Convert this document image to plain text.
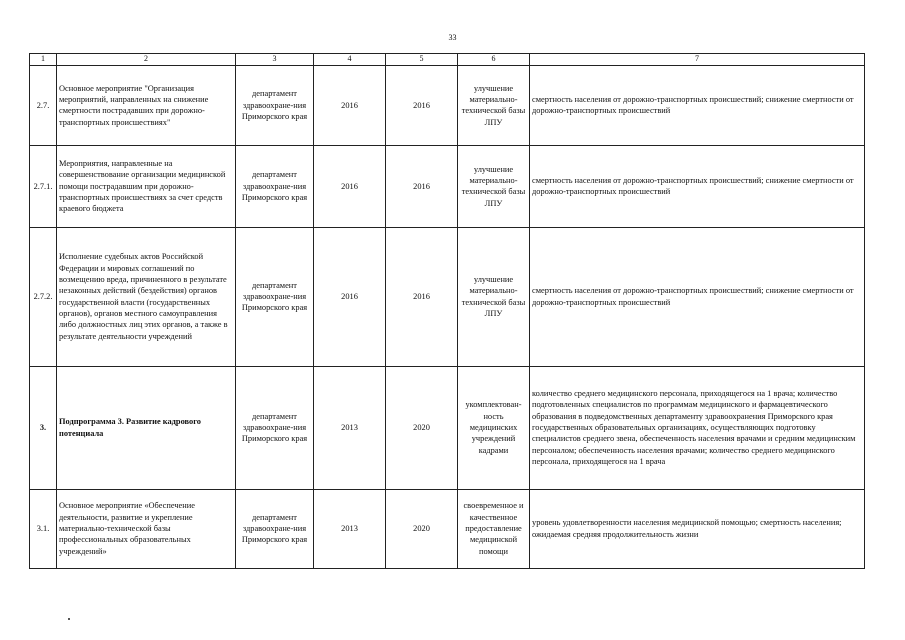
33
1	2	3	4	5	6	7
2.7.	Основное мероприятие "Организация мероприятий, направленных на снижение смертности пострадавших при дорожно-транспортных происшествиях"	департамент здравоохране-ния Приморского края	2016	2016	улучшение материально-технической базы ЛПУ	смертность населения от дорожно-транспортных происшествий; снижение смертности от дорожно-транспортных происшествий
2.7.1.	Мероприятия, направленные на совершенствование организации медицинской помощи пострадавшим при дорожно-транспортных происшествиях за счет средств краевого бюджета	департамент здравоохране-ния Приморского края	2016	2016	улучшение материально-технической базы ЛПУ	смертность населения от дорожно-транспортных происшествий; снижение смертности от дорожно-транспортных происшествий
2.7.2.	Исполнение судебных актов Российской Федерации и мировых соглашений по возмещению вреда, причиненного в результате незаконных действий (бездействия) органов государственной власти (государственных органов), органов местного самоуправления либо должностных лиц этих органов, а также в результате деятельности учреждений	департамент здравоохране-ния Приморского края	2016	2016	улучшение материально-технической базы ЛПУ	смертность населения от дорожно-транспортных происшествий; снижение смертности от дорожно-транспортных происшествий
3.	Подпрограмма 3. Развитие кадрового потенциала	департамент здравоохране-ния Приморского края	2013	2020	укомплектован-ность медицинских учреждений кадрами	количество среднего медицинского персонала, приходящегося на 1 врача; количество подготовленных специалистов по программам медицинского и фармацевтического образования в подведомственных департаменту здравоохранения Приморского края государственных образовательных организациях, осуществляющих подготовку специалистов среднего звена, обеспеченность населения врачами и средним медицинским персоналом; обеспеченность населения врачами; количество среднего медицинского персонала, приходящегося на 1 врача
3.1.	Основное мероприятие «Обеспечение деятельности, развитие и укрепление материально-технической базы профессиональных образовательных учреждений»	департамент здравоохране-ния Приморского края	2013	2020	своевременное и качественное предоставление медицинской помощи	уровень удовлетворенности населения медицинской помощью; смертность населения; ожидаемая средняя продолжительность жизни
